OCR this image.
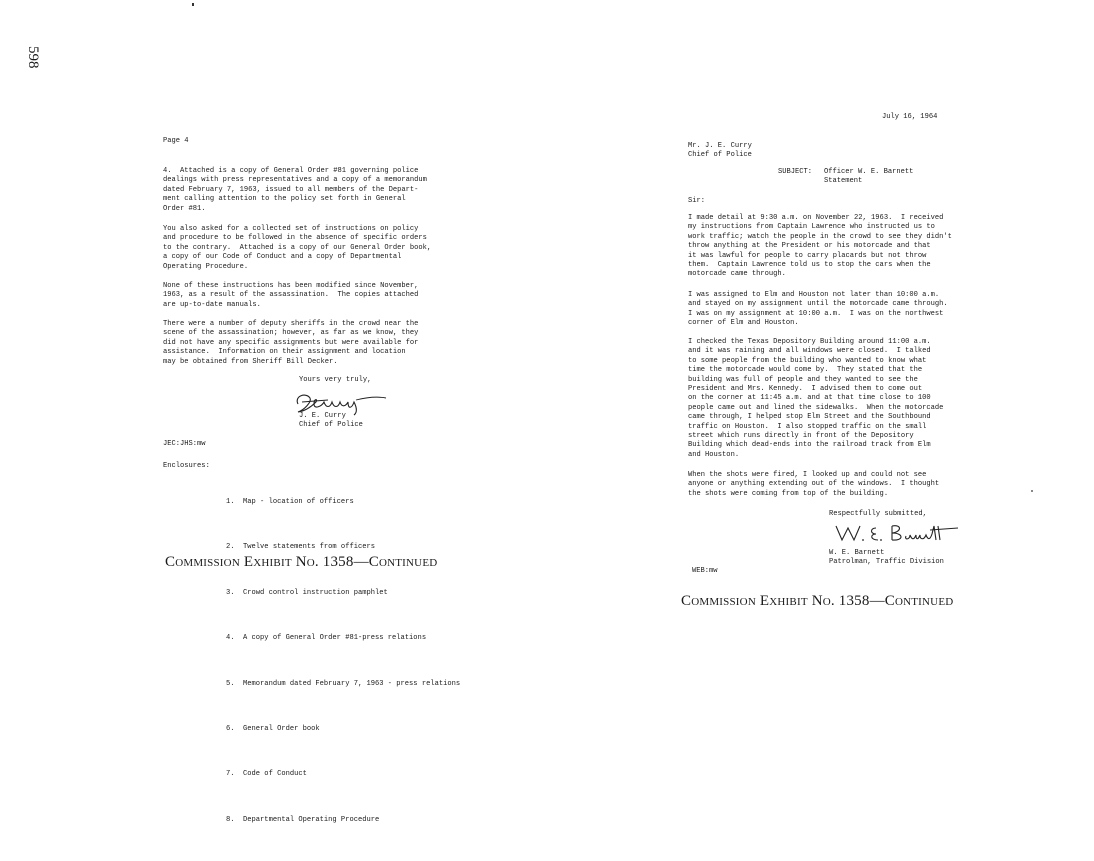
598
Page 4
4.  Attached is a copy of General Order #81 governing police
dealings with press representatives and a copy of a memorandum
dated February 7, 1963, issued to all members of the Depart-
ment calling attention to the policy set forth in General
Order #81.
You also asked for a collected set of instructions on policy
and procedure to be followed in the absence of specific orders
to the contrary.  Attached is a copy of our General Order book,
a copy of our Code of Conduct and a copy of Departmental
Operating Procedure.
None of these instructions has been modified since November,
1963, as a result of the assassination.  The copies attached
are up-to-date manuals.
There were a number of deputy sheriffs in the crowd near the
scene of the assassination; however, as far as we know, they
did not have any specific assignments but were available for
assistance.  Information on their assignment and location
may be obtained from Sheriff Bill Decker.
Yours very truly,
J. E. Curry
Chief of Police
JEC:JHS:mw
Enclosures:

1.  Map - location of officers

2.  Twelve statements from officers

3.  Crowd control instruction pamphlet

4.  A copy of General Order #81-press relations

5.  Memorandum dated February 7, 1963 - press relations

6.  General Order book

7.  Code of Conduct

8.  Departmental Operating Procedure

Commission Exhibit No. 1358—Continued
July 16, 1964
Mr. J. E. Curry
Chief of Police
SUBJECT: Officer W. E. Barnett
Statement
Sir:
I made detail at 9:30 a.m. on November 22, 1963.  I received
my instructions from Captain Lawrence who instructed us to
work traffic; watch the people in the crowd to see they didn't
throw anything at the President or his motorcade and that
it was lawful for people to carry placards but not throw
them.  Captain Lawrence told us to stop the cars when the
motorcade came through.
I was assigned to Elm and Houston not later than 10:00 a.m.
and stayed on my assignment until the motorcade came through.
I was on my assignment at 10:00 a.m.  I was on the northwest
corner of Elm and Houston.
I checked the Texas Depository Building around 11:00 a.m.
and it was raining and all windows were closed.  I talked
to some people from the building who wanted to know what
time the motorcade would come by.  They stated that the
building was full of people and they wanted to see the
President and Mrs. Kennedy.  I advised them to come out
on the corner at 11:45 a.m. and at that time close to 100
people came out and lined the sidewalks.  When the motorcade
came through, I helped stop Elm Street and the Southbound
traffic on Houston.  I also stopped traffic on the small
street which runs directly in front of the Depository
Building which dead-ends into the railroad track from Elm
and Houston.
When the shots were fired, I looked up and could not see
anyone or anything extending out of the windows.  I thought
the shots were coming from top of the building.
Respectfully submitted,
W. E. Barnett
Patrolman, Traffic Division
WEB:mw
Commission Exhibit No. 1358—Continued
